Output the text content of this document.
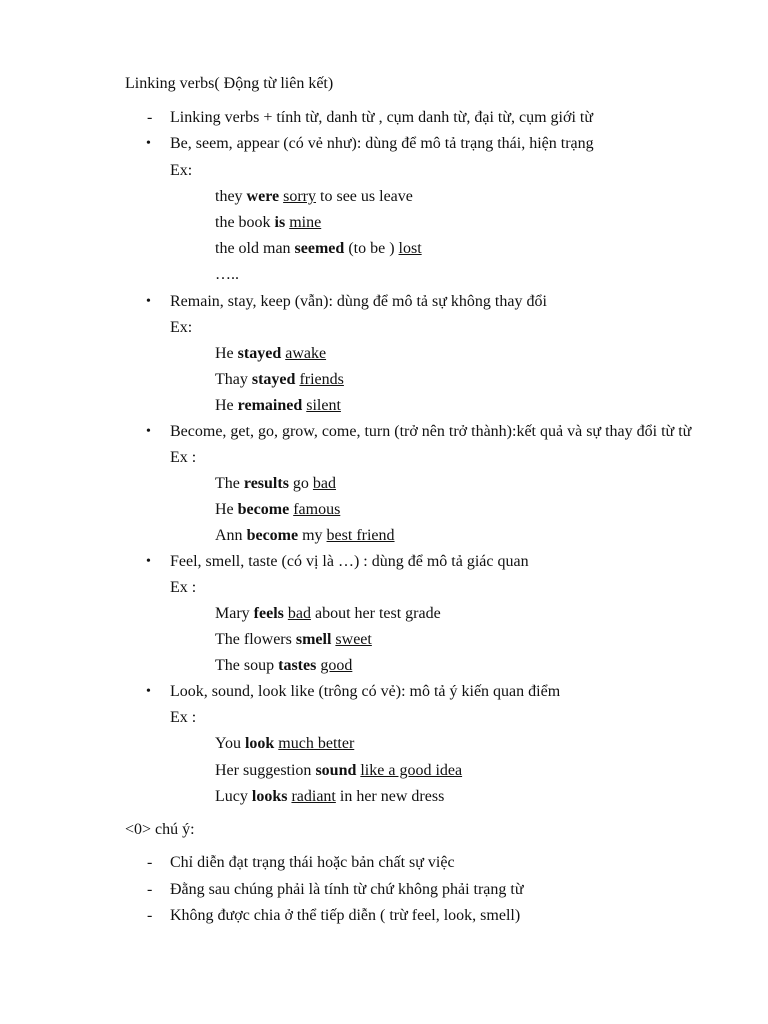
Linking verbs( Động từ liên kết)
- Linking verbs + tính từ, danh từ , cụm danh từ, đại từ, cụm giới từ
• Be, seem, appear (có vẻ như): dùng để mô tả trạng thái, hiện trạng
Ex:
they were sorry to see us leave
the book is mine
the old man seemed (to be ) lost
…..
• Remain, stay, keep (vẫn): dùng để mô tả sự không thay đổi
Ex:
He stayed awake
Thay stayed friends
He remained silent
• Become, get, go, grow, come, turn (trở nên trở thành):kết quả và sự thay đổi từ từ
Ex :
The results go bad
He become famous
Ann become my best friend
• Feel, smell, taste (có vị là …) : dùng để mô tả giác quan
Ex :
Mary feels bad about her test grade
The flowers smell sweet
The soup tastes good
• Look, sound, look like (trông có vẻ): mô tả ý kiến quan điểm
Ex :
You look much better
Her suggestion sound like a good idea
Lucy looks radiant in her new dress
<0> chú ý:
- Chỉ diễn đạt trạng thái hoặc bản chất sự việc
- Đằng sau chúng phải là tính từ chứ không phải trạng từ
- Không được chia ở thể tiếp diễn ( trừ feel, look, smell)
